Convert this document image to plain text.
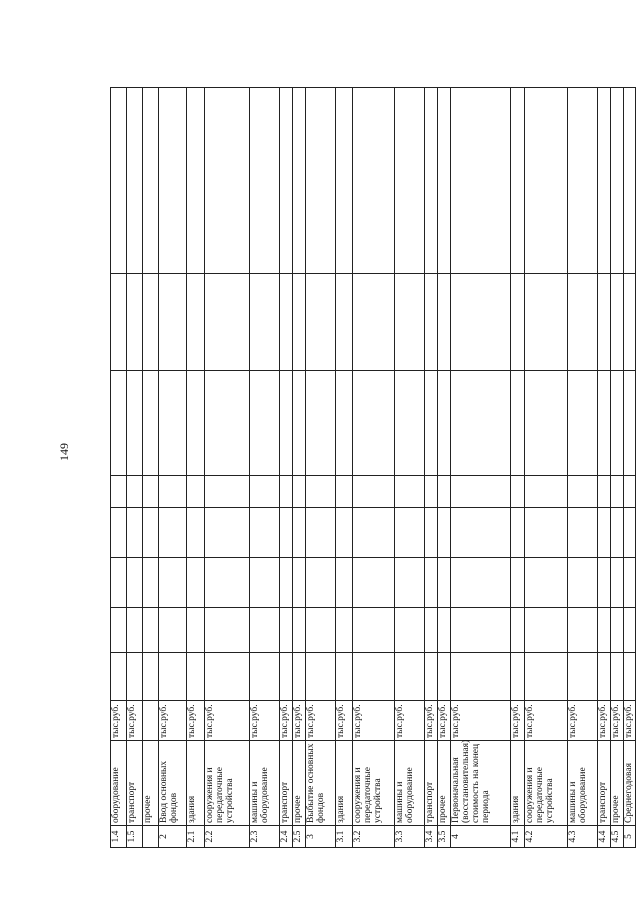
149
1.4	оборудование	тыс.руб.								
1.5	транспорт	тыс.руб.								
	прочее									
2	Ввод основных фондов	тыс.руб.								
2.1	здания	тыс.руб.								
2.2	сооружения и передаточные устройства	тыс.руб.								
2.3	машины и оборудование	тыс.руб.								
2.4	транспорт	тыс.руб.								
2.5	прочее	тыс.руб.								
3	Выбытие основных фондов	тыс.руб.								
3.1	здания	тыс.руб.								
3.2	сооружения и передаточные устройства	тыс.руб.								
3.3	машины и оборудование	тыс.руб.								
3.4	транспорт	тыс.руб.								
3.5	прочее	тыс.руб.								
4	Первоначальная (восстановительная) стоимость на конец периода	тыс.руб.								
4.1	здания	тыс.руб.								
4.2	сооружения и передаточные устройства	тыс.руб.								
4.3	машины и оборудование	тыс.руб.								
4.4	транспорт	тыс.руб.								
4.5	прочее	тыс.руб.								
5	Среднегодовая	тыс.руб.								
